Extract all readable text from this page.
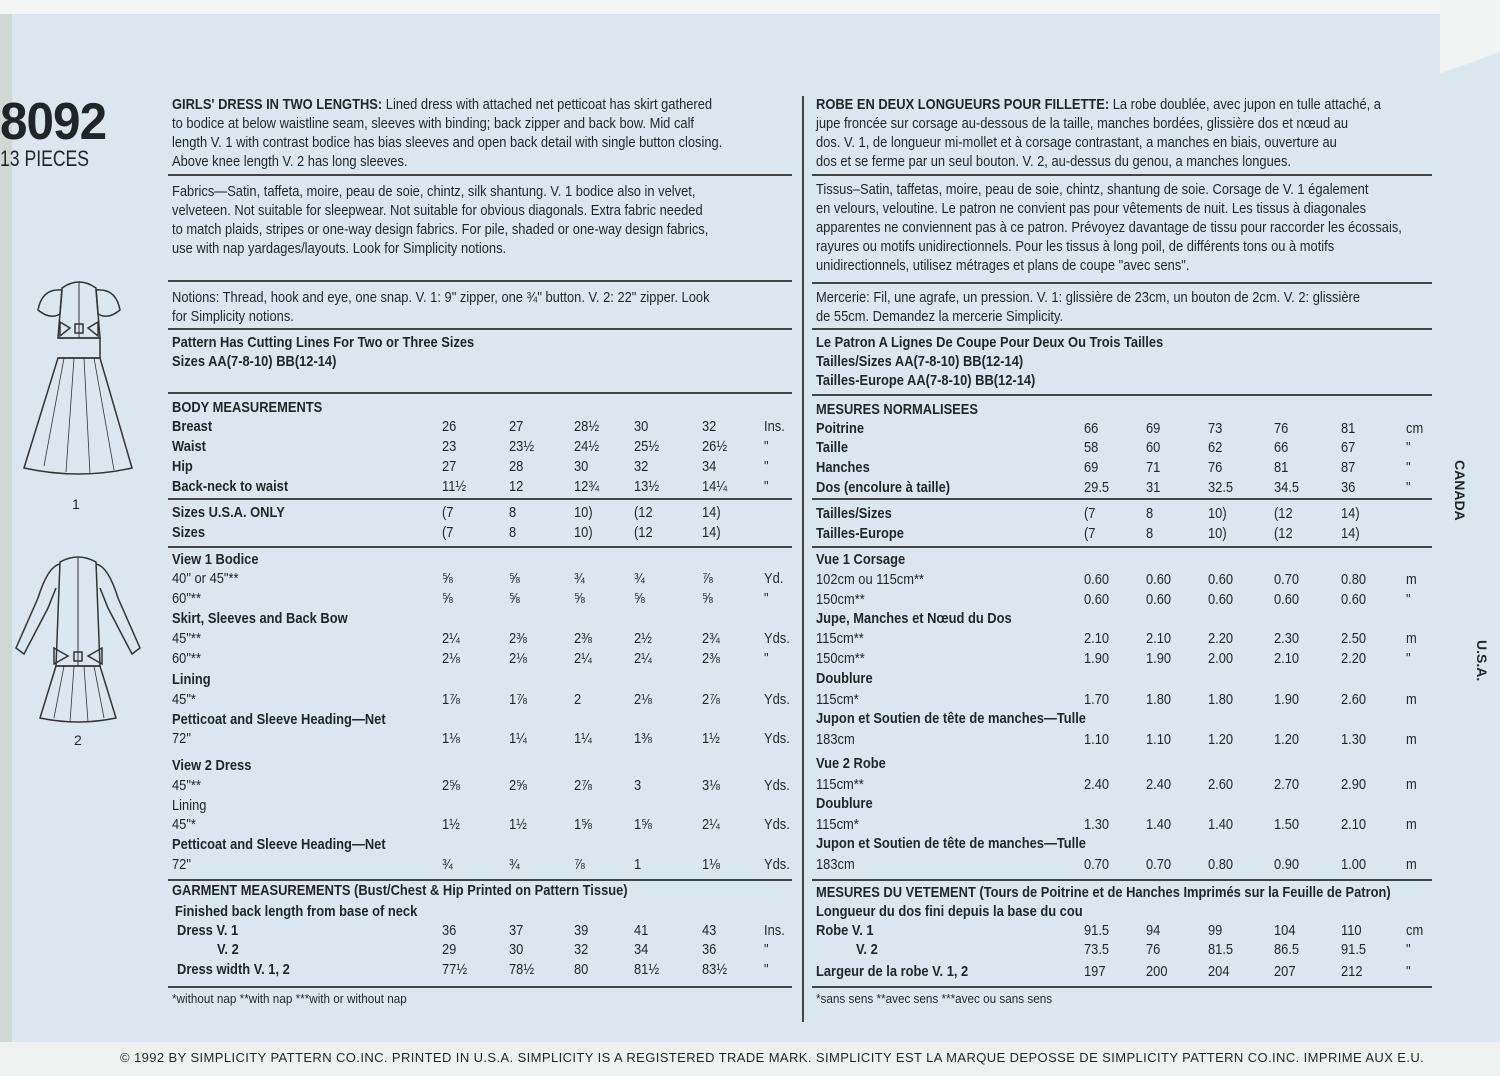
8092
13 PIECES
1
2
GIRLS' DRESS IN TWO LENGTHS: Lined dress with attached net petticoat has skirt gathered
to bodice at below waistline seam, sleeves with binding; back zipper and back bow. Mid calf
length V. 1 with contrast bodice has bias sleeves and open back detail with single button closing.
Above knee length V. 2 has long sleeves.
Fabrics—Satin, taffeta, moire, peau de soie, chintz, silk shantung. V. 1 bodice also in velvet,
velveteen. Not suitable for sleepwear. Not suitable for obvious diagonals. Extra fabric needed
to match plaids, stripes or one-way design fabrics. For pile, shaded or one-way design fabrics,
use with nap yardages/layouts. Look for Simplicity notions.
Notions: Thread, hook and eye, one snap. V. 1: 9" zipper, one ¾" button. V. 2: 22" zipper. Look
for Simplicity notions.
Pattern Has Cutting Lines For Two or Three Sizes
Sizes AA(7-8-10) BB(12-14)
BODY MEASUREMENTS
GARMENT MEASUREMENTS (Bust/Chest & Hip Printed on Pattern Tissue)
Finished back length from base of neck
*without nap **with nap ***with or without nap
ROBE EN DEUX LONGUEURS POUR FILLETTE: La robe doublée, avec jupon en tulle attaché, a
jupe froncée sur corsage au-dessous de la taille, manches bordées, glissière dos et nœud au
dos. V. 1, de longueur mi-mollet et à corsage contrastant, a manches en biais, ouverture au
dos et se ferme par un seul bouton. V. 2, au-dessus du genou, a manches longues.
Tissus–Satin, taffetas, moire, peau de soie, chintz, shantung de soie. Corsage de V. 1 également
en velours, veloutine. Le patron ne convient pas pour vêtements de nuit. Les tissus à diagonales
apparentes ne conviennent pas à ce patron. Prévoyez davantage de tissu pour raccorder les écossais,
rayures ou motifs unidirectionnels. Pour les tissus à long poil, de différents tons ou à motifs
unidirectionnels, utilisez métrages et plans de coupe "avec sens".
Mercerie: Fil, une agrafe, un pression. V. 1: glissière de 23cm, un bouton de 2cm. V. 2: glissière
de 55cm. Demandez la mercerie Simplicity.
Le Patron A Lignes De Coupe Pour Deux Ou Trois Tailles
Tailles/Sizes AA(7-8-10) BB(12-14)
Tailles-Europe AA(7-8-10) BB(12-14)
MESURES NORMALISEES
MESURES DU VETEMENT (Tours de Poitrine et de Hanches Imprimés sur la Feuille de Patron)
Longueur du dos fini depuis la base du cou
*sans sens **avec sens ***avec ou sans sens
Breast	26	27	28½ 30	32	Ins.
Waist	23	23½	24½ 25½	26½ "
Hip	27	28	30	32	34	"
Back-neck to waist	11½	12	12¾ 13½	14¼ "
Sizes U.S.A. ONLY	(7	8	10)	(12	14)
Sizes	(7	8	10)	(12	14)
View 1 Bodice
40" or 45"**	⅝	⅝	¾	¾	⅞	Yd.
60"**	⅝	⅝	⅝	⅝	⅝	"
Skirt, Sleeves and Back Bow
45"**	2¼	2⅜	2⅜	2½	2¾	Yds.
60"**	2⅛	2⅛	2¼	2¼	2⅜	"
Lining
45"*	1⅞	1⅞	2	2⅛	2⅞	Yds.
Petticoat and Sleeve Heading—Net
72"	1⅛	1¼	1¼	1⅜	1½	Yds.
View 2 Dress
45"**	2⅝	2⅝	2⅞	3	3⅛	Yds.
Lining
45"*	1½	1½	1⅝	1⅝	2¼	Yds.
Petticoat and Sleeve Heading—Net
72"	¾	¾	⅞	1	1⅛	Yds.
Dress V. 1	36	37	39	41	43	Ins.
V. 2	29	30	32	34	36	"
Dress width V. 1, 2	77½	78½	80	81½	83½ "
Poitrine	66	69	73	76	81	cm
Taille	58	60	62	66	67	"
Hanches	69	71	76	81	87	"
Dos (encolure à taille)	29.5 31	32.5	34.5	36	"
Tailles/Sizes	(7	8	10)	(12	14)
Tailles-Europe	(7	8	10)	(12	14)
Vue 1 Corsage
102cm ou 115cm**	0.60 0.60 0.60	0.70	0.80	m
150cm**	0.60 0.60 0.60	0.60	0.60	"
Jupe, Manches et Nœud du Dos
115cm**	2.10 2.10 2.20	2.30	2.50	m
150cm**	1.90 1.90 2.00	2.10	2.20	"
Doublure
115cm*	1.70 1.80 1.80	1.90	2.60	m
Jupon et Soutien de tête de manches—Tulle
183cm	1.10 1.10 1.20	1.20	1.30	m
Vue 2 Robe
115cm**	2.40 2.40 2.60	2.70	2.90	m
Doublure
115cm*	1.30 1.40 1.40	1.50	2.10	m
Jupon et Soutien de tête de manches—Tulle
183cm	0.70 0.70 0.80	0.90	1.00	m
Robe V. 1	91.5 94	99	104	110	cm
V. 2	73.5 76	81.5	86.5	91.5	"
Largeur de la robe V. 1, 2	197	200	204	207	212	"
CANADA
U.S.A.
© 1992 BY SIMPLICITY PATTERN CO.INC. PRINTED IN U.S.A. SIMPLICITY IS A REGISTERED TRADE MARK. SIMPLICITY EST LA MARQUE DEPOSSE DE SIMPLICITY PATTERN CO.INC. IMPRIME AUX E.U.
